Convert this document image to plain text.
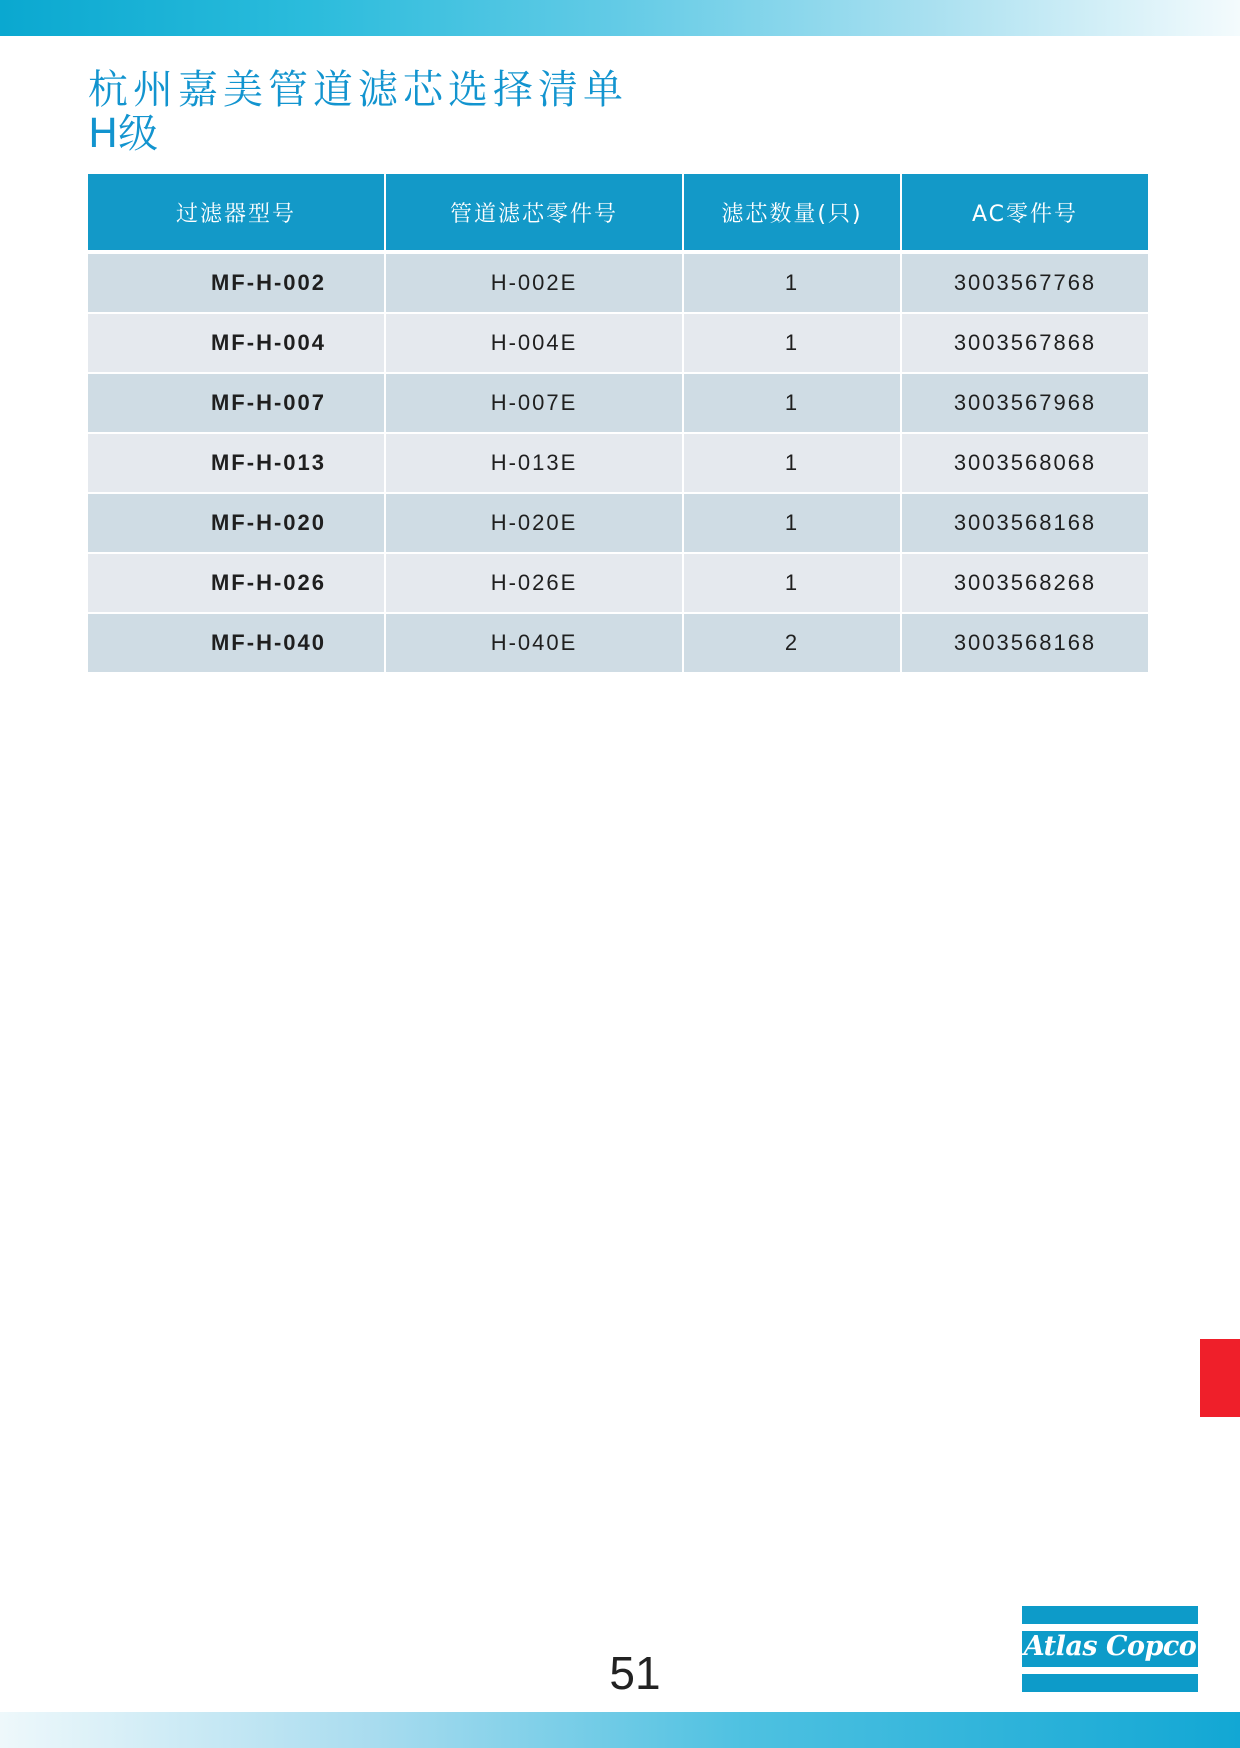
杭州嘉美管道滤芯选择清单
H级
过滤器型号	管道滤芯零件号	滤芯数量(只)	AC零件号
MF-H-002	H-002E	1	3003567768
MF-H-004	H-004E	1	3003567868
MF-H-007	H-007E	1	3003567968
MF-H-013	H-013E	1	3003568068
MF-H-020	H-020E	1	3003568168
MF-H-026	H-026E	1	3003568268
MF-H-040	H-040E	2	3003568168
51
Atlas Copco
